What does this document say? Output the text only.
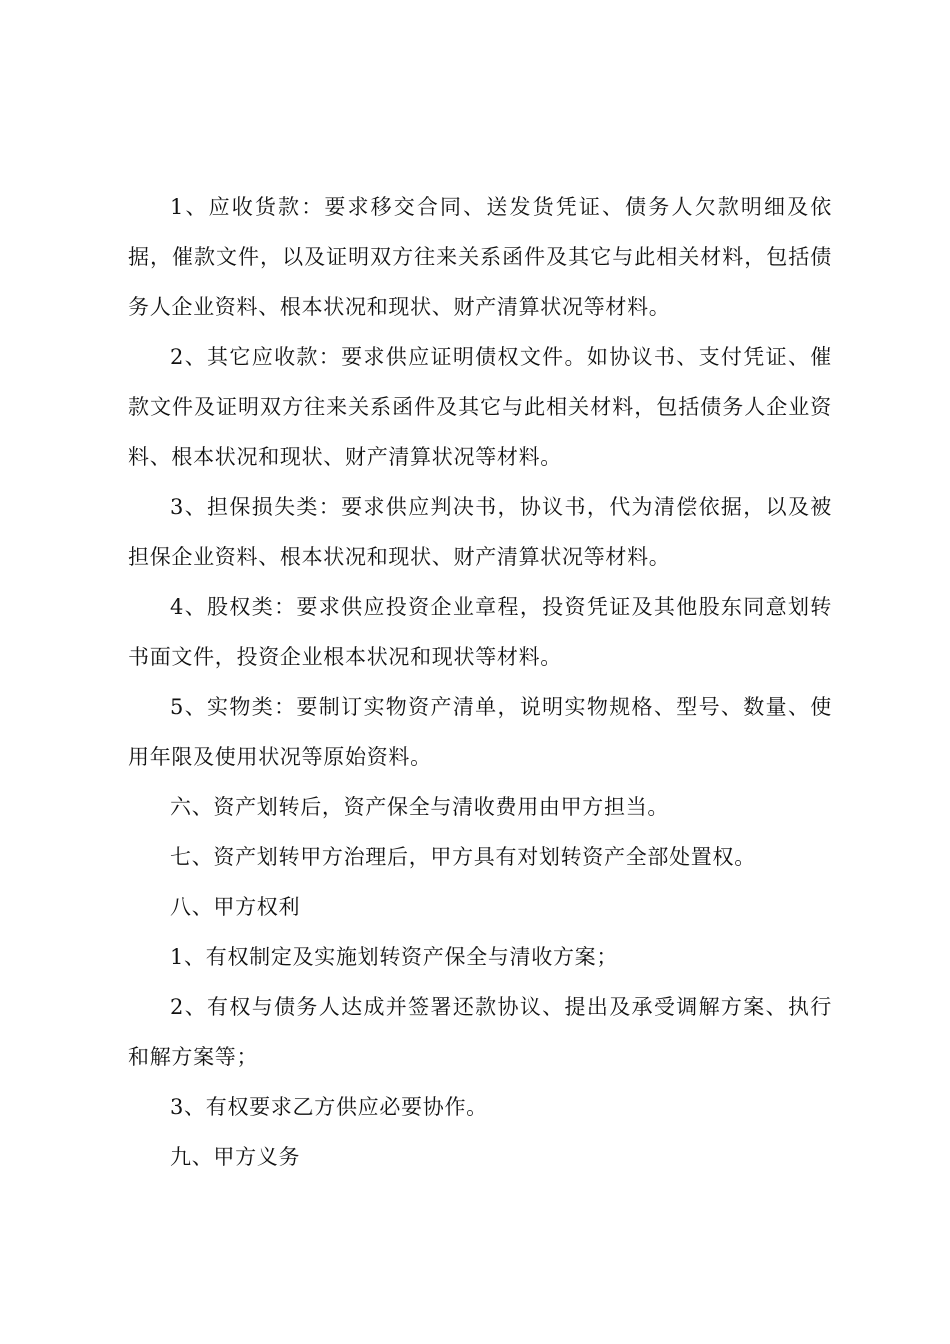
1、应收货款：要求移交合同、送发货凭证、债务人欠款明细及依据，催款文件，以及证明双方往来关系函件及其它与此相关材料，包括债务人企业资料、根本状况和现状、财产清算状况等材料。

2、其它应收款：要求供应证明债权文件。如协议书、支付凭证、催款文件及证明双方往来关系函件及其它与此相关材料，包括债务人企业资料、根本状况和现状、财产清算状况等材料。

3、担保损失类：要求供应判决书，协议书，代为清偿依据，以及被担保企业资料、根本状况和现状、财产清算状况等材料。

4、股权类：要求供应投资企业章程，投资凭证及其他股东同意划转书面文件，投资企业根本状况和现状等材料。

5、实物类：要制订实物资产清单，说明实物规格、型号、数量、使用年限及使用状况等原始资料。

六、资产划转后，资产保全与清收费用由甲方担当。

七、资产划转甲方治理后，甲方具有对划转资产全部处置权。

八、甲方权利

1、有权制定及实施划转资产保全与清收方案；

2、有权与债务人达成并签署还款协议、提出及承受调解方案、执行和解方案等；

3、有权要求乙方供应必要协作。

九、甲方义务
